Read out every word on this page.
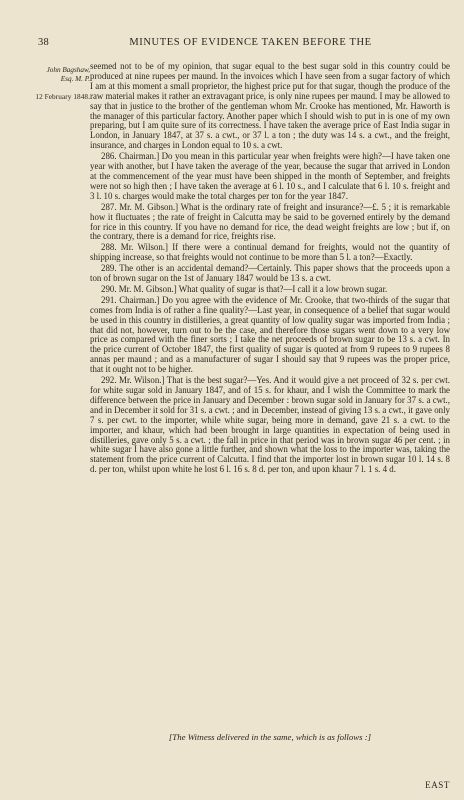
38	MINUTES OF EVIDENCE TAKEN BEFORE THE
John Bagshaw,
Esq. M. P.
12 February 1848.

seemed not to be of my opinion, that sugar equal to the best sugar sold in this country could be produced at nine rupees per maund. In the invoices which I have seen from a sugar factory of which I am at this moment a small proprietor, the highest price put for that sugar, though the produce of the raw material makes it rather an extravagant price, is only nine rupees per maund. I may be allowed to say that in justice to the brother of the gentleman whom Mr. Crooke has mentioned, Mr. Haworth is the manager of this particular factory. Another paper which I should wish to put in is one of my own preparing, but I am quite sure of its correctness. I have taken the average price of East India sugar in London, in January 1847, at 37 s. a cwt., or 37 l. a ton ; the duty was 14 s. a cwt., and the freight, insurance, and charges in London equal to 10 s. a cwt.

286. Chairman.] Do you mean in this particular year when freights were high?—I have taken one year with another, but I have taken the average of the year, because the sugar that arrived in London at the commencement of the year must have been shipped in the month of September, and freights were not so high then ; I have taken the average at 6 l. 10 s., and I calculate that 6 l. 10 s. freight and 3 l. 10 s. charges would make the total charges per ton for the year 1847.

287. Mr. M. Gibson.] What is the ordinary rate of freight and insurance?—£. 5 ; it is remarkable how it fluctuates ; the rate of freight in Calcutta may be said to be governed entirely by the demand for rice in this country. If you have no demand for rice, the dead weight freights are low ; but if, on the contrary, there is a demand for rice, freights rise.

288. Mr. Wilson.] If there were a continual demand for freights, would not the quantity of shipping increase, so that freights would not continue to be more than 5 l. a ton?—Exactly.

289. The other is an accidental demand?—Certainly. This paper shows that the proceeds upon a ton of brown sugar on the 1st of January 1847 would be 13 s. a cwt.

290. Mr. M. Gibson.] What quality of sugar is that?—I call it a low brown sugar.

291. Chairman.] Do you agree with the evidence of Mr. Crooke, that two-thirds of the sugar that comes from India is of rather a fine quality?—Last year, in consequence of a belief that sugar would be used in this country in distilleries, a great quantity of low quality sugar was imported from India ; that did not, however, turn out to be the case, and therefore those sugars went down to a very low price as compared with the finer sorts ; I take the net proceeds of brown sugar to be 13 s. a cwt. In the price current of October 1847, the first quality of sugar is quoted at from 9 rupees to 9 rupees 8 annas per maund ; and as a manufacturer of sugar I should say that 9 rupees was the proper price, that it ought not to be higher.

292. Mr. Wilson.] That is the best sugar?—Yes. And it would give a net proceed of 32 s. per cwt. for white sugar sold in January 1847, and of 15 s. for khaur, and I wish the Committee to mark the difference between the price in January and December : brown sugar sold in January for 37 s. a cwt., and in December it sold for 31 s. a cwt. ; and in December, instead of giving 13 s. a cwt., it gave only 7 s. per cwt. to the importer, while white sugar, being more in demand, gave 21 s. a cwt. to the importer, and khaur, which had been brought in large quantities in expectation of being used in distilleries, gave only 5 s. a cwt. ; the fall in price in that period was in brown sugar 46 per cent. ; in white sugar I have also gone a little further, and shown what the loss to the importer was, taking the statement from the price current of Calcutta. I find that the importer lost in brown sugar 10 l. 14 s. 8 d. per ton, whilst upon white he lost 6 l. 16 s. 8 d. per ton, and upon khaur 7 l. 1 s. 4 d.

[The Witness delivered in the same, which is as follows :]
EAST
